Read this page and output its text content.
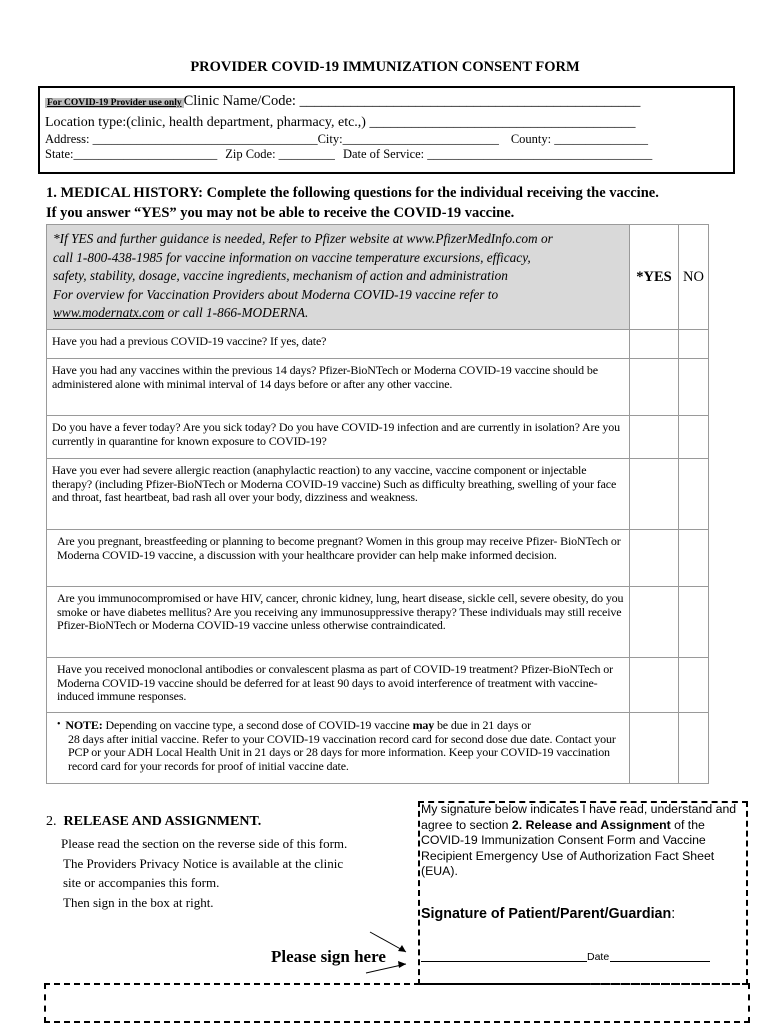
PROVIDER COVID-19 IMMUNIZATION CONSENT FORM
For COVID-19 Provider use only Clinic Name/Code: _______________________________________________
Location type:(clinic, health department, pharmacy, etc.,) ______________________________________
Address: ____________________________________City:_________________________ County: _______________
State:_______________________ Zip Code: _________ Date of Service: ____________________________________
1. MEDICAL HISTORY: Complete the following questions for the individual receiving the vaccine.
If you answer “YES” you may not be able to receive the COVID-19 vaccine.
*If YES and further guidance is needed, Refer to Pfizer website at www.PfizerMedInfo.com or
call 1-800-438-1985 for vaccine information on vaccine temperature excursions, efficacy,
safety, stability, dosage, vaccine ingredients, mechanism of action and administration
For overview for Vaccination Providers about Moderna COVID-19 vaccine refer to
www.modernatx.com or call 1-866-MODERNA.	*YES	NO
Have you had a previous COVID-19 vaccine? If yes, date?		
Have you had any vaccines within the previous 14 days? Pfizer-BioNTech or Moderna COVID-19 vaccine should be administered alone with minimal interval of 14 days before or after any other vaccine.		
Do you have a fever today? Are you sick today? Do you have COVID-19 infection and are currently in isolation? Are you currently in quarantine for known exposure to COVID-19?		
Have you ever had severe allergic reaction (anaphylactic reaction) to any vaccine, vaccine component or injectable therapy? (including Pfizer-BioNTech or Moderna COVID-19 vaccine) Such as difficulty breathing, swelling of your face and throat, fast heartbeat, bad rash all over your body, dizziness and weakness.		
Are you pregnant, breastfeeding or planning to become pregnant? Women in this group may receive Pfizer- BioNTech or Moderna COVID-19 vaccine, a discussion with your healthcare provider can help make informed decision.		
Are you immunocompromised or have HIV, cancer, chronic kidney, lung, heart disease, sickle cell, severe obesity, do you smoke or have diabetes mellitus? Are you receiving any immunosuppressive therapy? These individuals may still receive Pfizer-BioNTech or Moderna COVID-19 vaccine unless otherwise contraindicated.		
Have you received monoclonal antibodies or convalescent plasma as part of COVID-19 treatment? Pfizer-BioNTech or Moderna COVID-19 vaccine should be deferred for at least 90 days to avoid interference of treatment with vaccine-induced immune responses.		
• NOTE: Depending on vaccine type, a second dose of COVID-19 vaccine may be due in 21 days or
28 days after initial vaccine. Refer to your COVID-19 vaccination record card for second dose due date. Contact your PCP or your ADH Local Health Unit in 21 days or 28 days for more information. Keep your COVID-19 vaccination record card for your records for proof of initial vaccine date.		

2. RELEASE AND ASSIGNMENT.
Please read the section on the reverse side of this form.
The Providers Privacy Notice is available at the clinic
site or accompanies this form.
Then sign in the box at right.
Please sign here
My signature below indicates I have read, understand and agree to section 2. Release and Assignment of the COVID-19 Immunization Consent Form and Vaccine Recipient Emergency Use of Authorization Fact Sheet (EUA).
Signature of Patient/Parent/Guardian:
Date
